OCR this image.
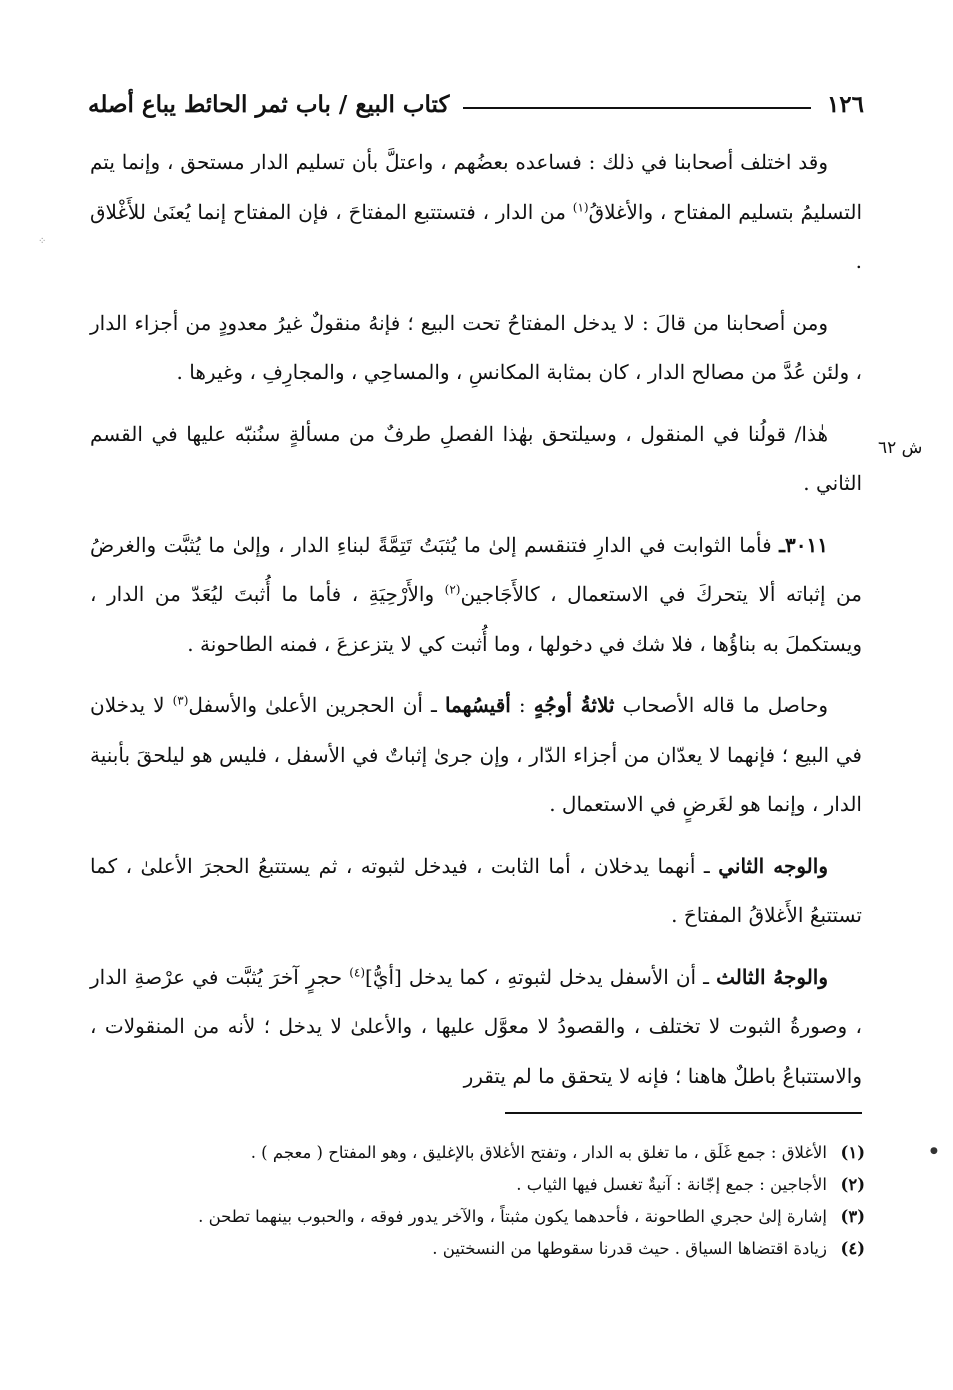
١٢٦
كتاب البيع / باب ثمر الحائط يباع أصله
ش ٦٢

وقد اختلف أصحابنا في ذلك : فساعده بعضُهم ، واعتلَّ بأن تسليم الدار مستحق ، وإنما يتم التسليمُ بتسليم المفتاح ، والأغلاقُ$^{(١)}$ من الدار ، فتستتبع المفتاحَ ، فإن المفتاح إنما يُعنَىٰ للأَغْلاق .

ومن أصحابنا من قالَ : لا يدخل المفتاحُ تحت البيع ؛ فإنهُ منقولٌ غيرُ معدودٍ من أجزاء الدار ، ولئن عُدَّ من مصالح الدار ، كان بمثابة المكانسِ ، والمساحِي ، والمجارِفِ ، وغيرها .

هٰذا/ قولُنا في المنقول ، وسيلتحق بهٰذا الفصلِ طرفٌ من مسألةٍ سنُنبّه عليها في القسم الثاني .

٣٠١١ـ فأما الثوابت في الدارِ فتنقسم إلىٰ ما يُثبَتُ تَتِمَّةً لبناءِ الدار ، وإلىٰ ما يُثبَّت والغرضُ من إثباته ألا يتحركَ في الاستعمال ، كالأَجَاجين$^{(٢)}$ والأَرْحِيَةِ ، فأما ما أُثبتَ ليُعَدّ من الدار ، ويستكملَ به بناؤُها ، فلا شك في دخولها ، وما أُثبت كي لا يتزعزعَ ، فمنه الطاحونة .

وحاصل ما قاله الأصحاب ثلاثةُ أوجُهٍ : أقيسُهما ـ أن الحجرين الأعلىٰ والأسفل$^{(٣)}$ لا يدخلان في البيع ؛ فإنهما لا يعدّان من أجزاء الدّار ، وإن جرىٰ إثباتٌ في الأسفل ، فليس هو ليلحقَ بأبنية الدار ، وإنما هو لغَرضٍ في الاستعمال .

والوجه الثاني ـ أنهما يدخلان ، أما الثابت ، فيدخل لثبوته ، ثم يستتبعُ الحجرَ الأعلىٰ ، كما تستتبعُ الأَغلاقُ المفتاحَ .

والوجهُ الثالث ـ أن الأسفل يدخل لثبوتهِ ، كما يدخل [أيُّ]$^{(٤)}$ حجرٍ آخرَ يُثبَّت في عرْصةِ الدار ، وصورةُ الثبوت لا تختلف ، والقصودُ لا معوَّل عليها ، والأعلىٰ لا يدخل ؛ لأنه من المنقولات ، والاستتباعُ باطلٌ هاهنا ؛ فإنه لا يتحقق ما لم يتقرر

(١)
الأغلاق : جمع غَلَق ، ما تغلق به الدار ، وتفتح الأغلاق بالإغليق ، وهو المفتاح ( معجم ) .
(٢)
الأجاجين : جمع إجّانة : آنيةٌ تغسل فيها الثياب .
(٣)
إشارة إلىٰ حجري الطاحونة ، فأحدهما يكون مثبتاً ، والآخر يدور فوقه ، والحبوب بينهما تطحن .
(٤)
زيادة اقتضاها السياق . حيث قدرنا سقوطها من النسختين .
⁘
●
